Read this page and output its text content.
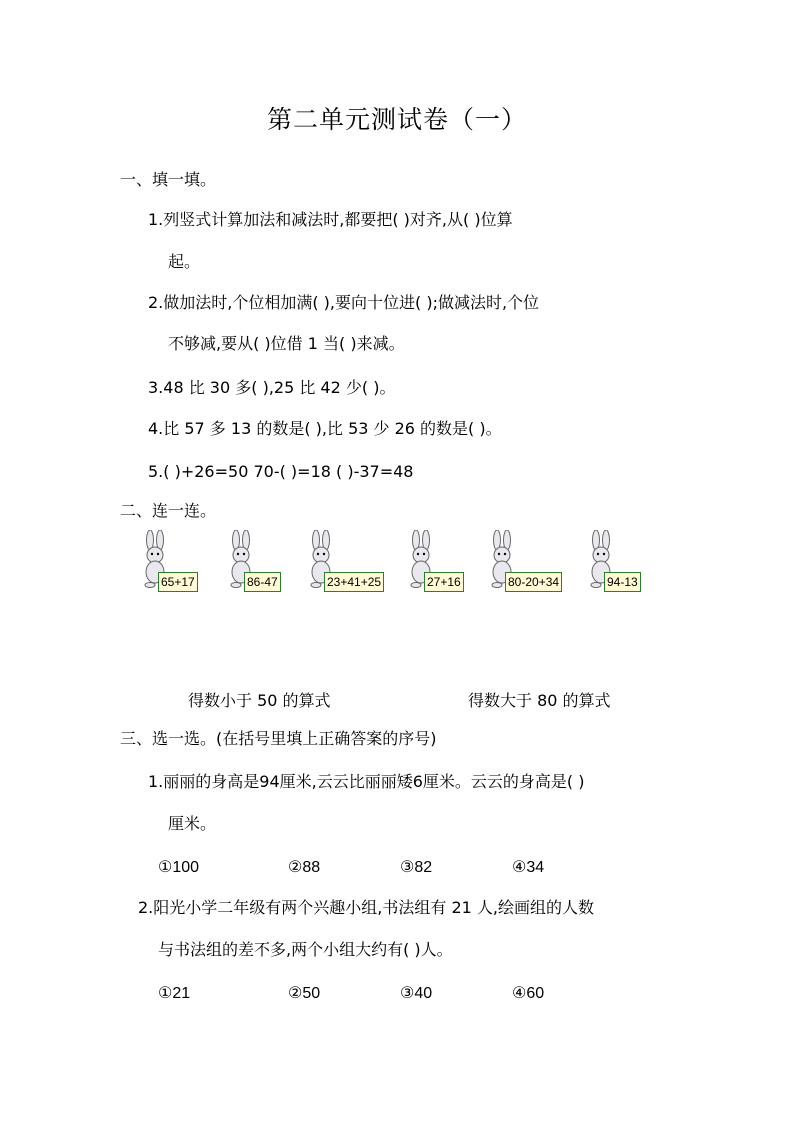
第二单元测试卷（一）
一、填一填。
1.列竖式计算加法和减法时,都要把( )对齐,从( )位算
起。
2.做加法时,个位相加满( ),要向十位进( );做减法时,个位
不够减,要从( )位借 1 当( )来减。
3.48 比 30 多( ),25 比 42 少( )。
4.比 57 多 13 的数是( ),比 53 少 26 的数是( )。
5.( )+26=50 70-( )=18 ( )-37=48
二、连一连。
65+17	86-47	23+41+25	27+16	80-20+34	94-13
得数小于 50 的算式	得数大于 80 的算式
三、选一选。(在括号里填上正确答案的序号)
1.丽丽的身高是94厘米,云云比丽丽矮6厘米。云云的身高是( )
厘米。
①100	②88	③82	④34
2.阳光小学二年级有两个兴趣小组,书法组有 21 人,绘画组的人数
与书法组的差不多,两个小组大约有( )人。
①21	②50	③40	④60
